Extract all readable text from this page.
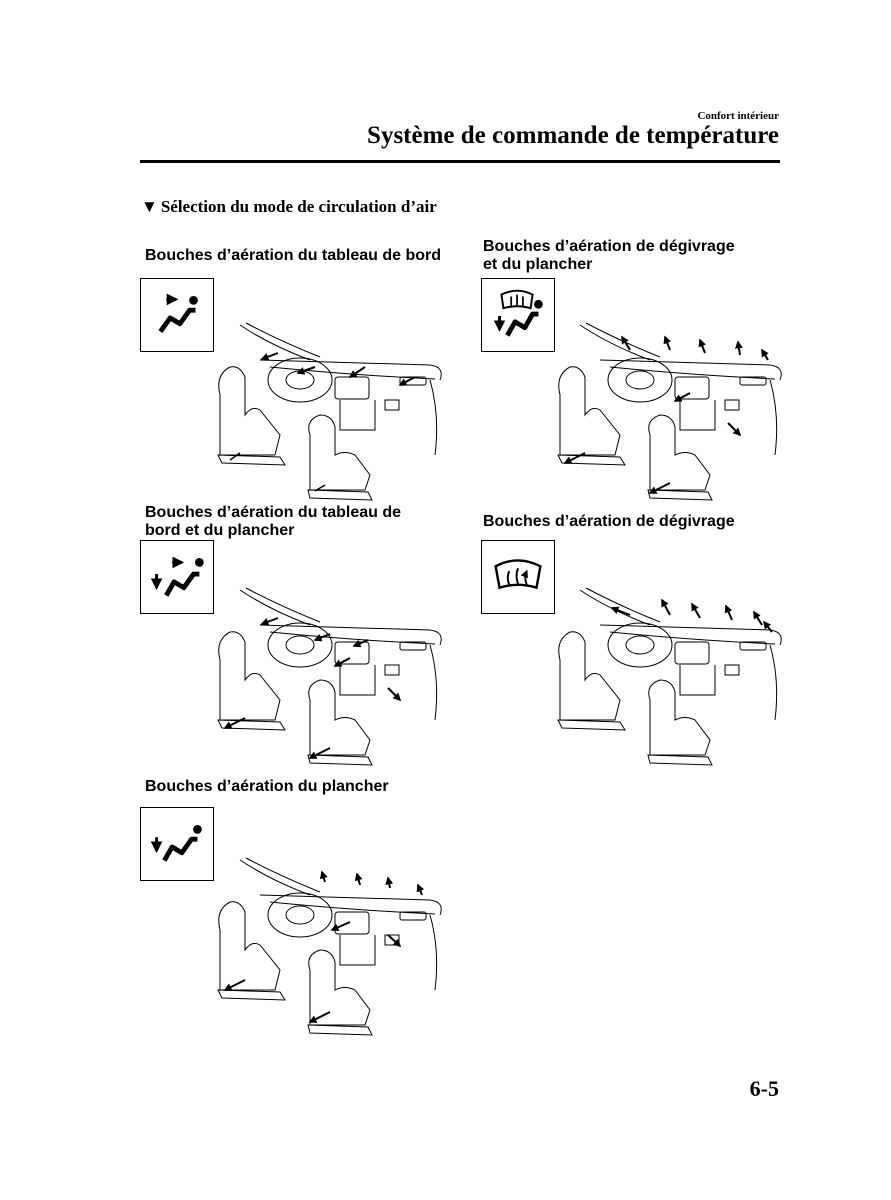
Confort intérieur
Système de commande de température
▼ Sélection du mode de circulation d’air
Bouches d’aération du tableau de bord
Bouches d’aération de dégivrage
et du plancher
Bouches d’aération du tableau de
bord et du plancher
Bouches d’aération de dégivrage
Bouches d’aération du plancher
6-5
